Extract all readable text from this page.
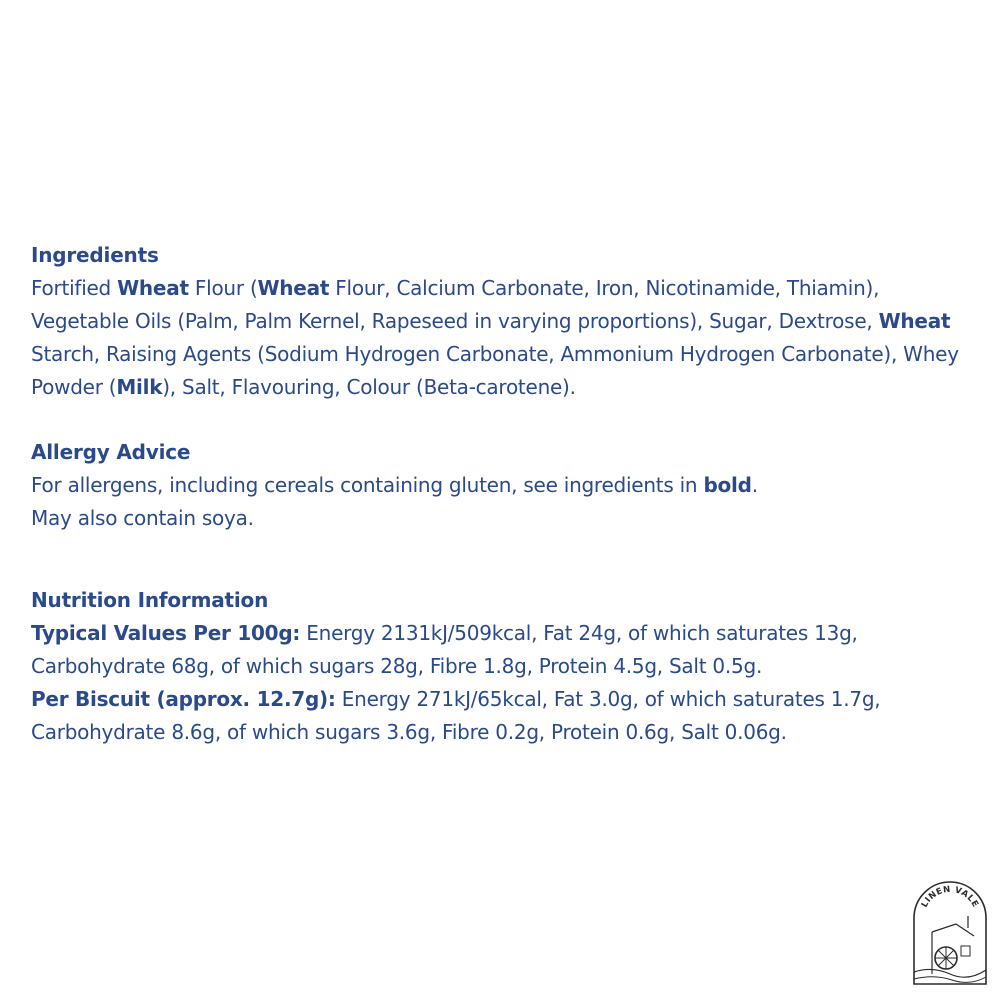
Ingredients
Fortified Wheat Flour (Wheat Flour, Calcium Carbonate, Iron, Nicotinamide, Thiamin), Vegetable Oils (Palm, Palm Kernel, Rapeseed in varying proportions), Sugar, Dextrose, Wheat Starch, Raising Agents (Sodium Hydrogen Carbonate, Ammonium Hydrogen Carbonate), Whey Powder (Milk), Salt, Flavouring, Colour (Beta-carotene).
Allergy Advice
For allergens, including cereals containing gluten, see ingredients in bold.
May also contain soya.
Nutrition Information
Typical Values Per 100g: Energy 2131kJ/509kcal, Fat 24g, of which saturates 13g, Carbohydrate 68g, of which sugars 28g, Fibre 1.8g, Protein 4.5g, Salt 0.5g.
Per Biscuit (approx. 12.7g): Energy 271kJ/65kcal, Fat 3.0g, of which saturates 1.7g, Carbohydrate 8.6g, of which sugars 3.6g, Fibre 0.2g, Protein 0.6g, Salt 0.06g.
LINEN VALE
